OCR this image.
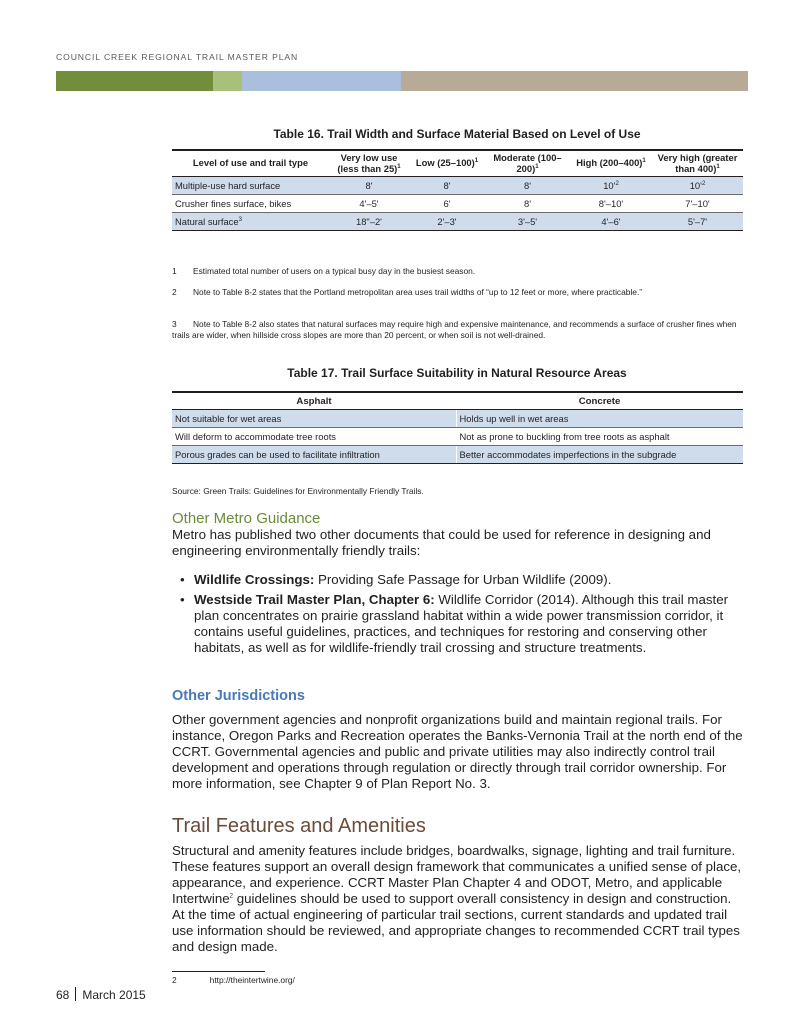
COUNCIL CREEK REGIONAL TRAIL MASTER PLAN
Table 16. Trail Width and Surface Material Based on Level of Use
Level of use and trail type	Very low use (less than 25)$^1$	Low $(25-100)^1$	Moderate $(100-200)^1$	High $(200-400)^1$	Very high (greater than 400)$^1$
Multiple-use hard surface	8'	8'	8'	$10'^2$	$10'^2$
Crusher fines surface, bikes	4'–5'	6'	8'	8'–10'	7'–10'
Natural surface$^3$	18"–2'	2'–3'	3'–5'	4'–6'	5'–7'
1 Estimated total number of users on a typical busy day in the busiest season.
2 Note to Table 8-2 states that the Portland metropolitan area uses trail widths of “up to 12 feet or more, where practicable.”
3 Note to Table 8-2 also states that natural surfaces may require high and expensive maintenance, and recommends a surface of crusher fines when trails are wider, when hillside cross slopes are more than 20 percent, or when soil is not well-drained.
Table 17. Trail Surface Suitability in Natural Resource Areas
Asphalt	Concrete
Not suitable for wet areas	Holds up well in wet areas
Will deform to accommodate tree roots	Not as prone to buckling from tree roots as asphalt
Porous grades can be used to facilitate infiltration	Better accommodates imperfections in the subgrade
Source: Green Trails: Guidelines for Environmentally Friendly Trails.
Other Metro Guidance
Metro has published two other documents that could be used for reference in designing and engineering environmentally friendly trails:
• Wildlife Crossings: Providing Safe Passage for Urban Wildlife (2009).
• Westside Trail Master Plan, Chapter 6: Wildlife Corridor (2014). Although this trail master plan concentrates on prairie grassland habitat within a wide power transmission corridor, it contains useful guidelines, practices, and techniques for restoring and conserving other habitats, as well as for wildlife-friendly trail crossing and structure treatments.
Other Jurisdictions
Other government agencies and nonprofit organizations build and maintain regional trails. For instance, Oregon Parks and Recreation operates the Banks-Vernonia Trail at the north end of the CCRT. Governmental agencies and public and private utilities may also indirectly control trail development and operations through regulation or directly through trail corridor ownership. For more information, see Chapter 9 of Plan Report No. 3.
Trail Features and Amenities
Structural and amenity features include bridges, boardwalks, signage, lighting and trail furniture. These features support an overall design framework that communicates a unified sense of place, appearance, and experience. CCRT Master Plan Chapter 4 and ODOT, Metro, and applicable Intertwine$^2$ guidelines should be used to support overall consistency in design and construction. At the time of actual engineering of particular trail sections, current standards and updated trail use information should be reviewed, and appropriate changes to recommended CCRT trail types and design made.
2	http://theintertwine.org/
68 March 2015
